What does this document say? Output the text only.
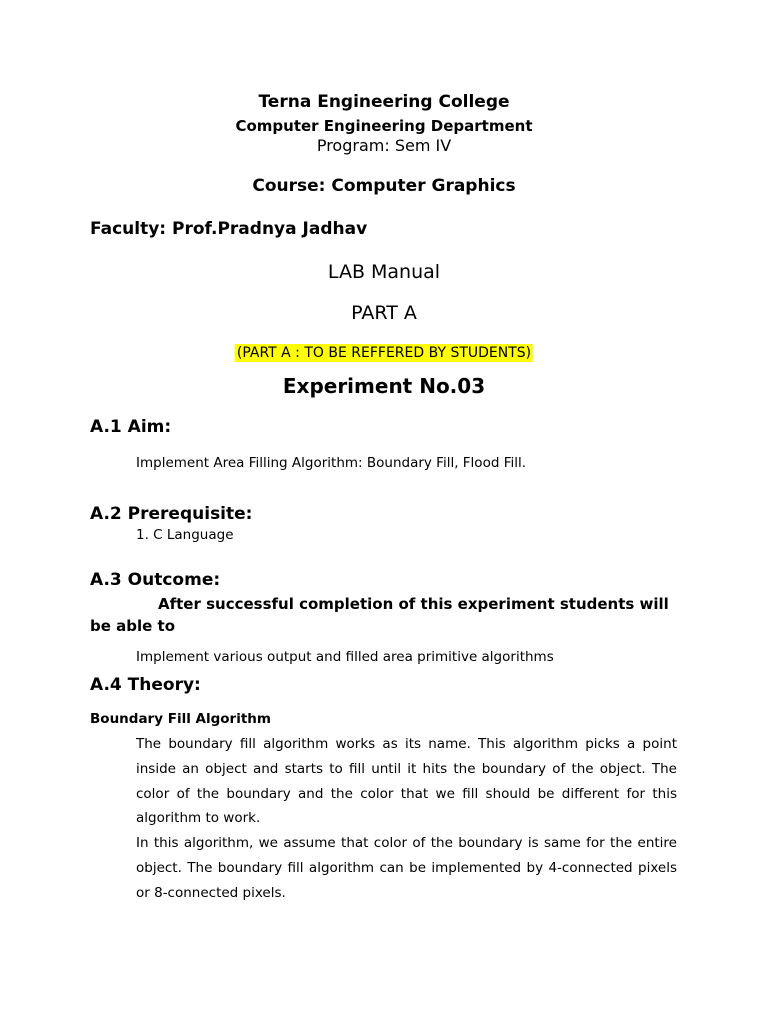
Terna Engineering College

Computer Engineering Department

Program: Sem IV

Course: Computer Graphics

Faculty: Prof.Pradnya Jadhav

LAB Manual

PART A

(PART A : TO BE REFFERED BY STUDENTS)

Experiment No.03

A.1 Aim:

Implement Area Filling Algorithm: Boundary Fill, Flood Fill.

A.2 Prerequisite:

1. C Language

A.3 Outcome:

After successful completion of this experiment students will be able to

Implement various output and filled area primitive algorithms

A.4 Theory:

Boundary Fill Algorithm

The boundary fill algorithm works as its name. This algorithm picks a point inside an object and starts to fill until it hits the boundary of the object. The color of the boundary and the color that we fill should be different for this algorithm to work.

In this algorithm, we assume that color of the boundary is same for the entire object. The boundary fill algorithm can be implemented by 4-connected pixels or 8-connected pixels.
